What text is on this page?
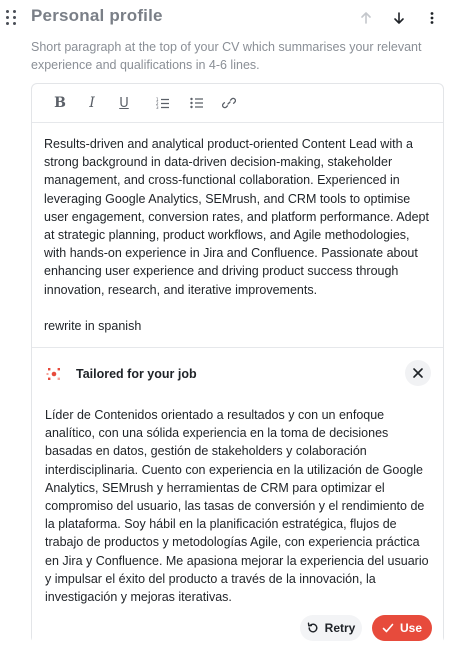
Personal profile
Short paragraph at the top of your CV which summarises your relevant experience and qualifications in 4-6 lines.
B	I	U	1
2
3

Results-driven and analytical product-oriented Content Lead with a strong background in data-driven decision-making, stakeholder management, and cross-functional collaboration. Experienced in leveraging Google Analytics, SEMrush, and CRM tools to optimise user engagement, conversion rates, and platform performance. Adept at strategic planning, product workflows, and Agile methodologies, with hands-on experience in Jira and Confluence. Passionate about enhancing user experience and driving product success through innovation, research, and iterative improvements.

rewrite in spanish

Tailored for your job
Líder de Contenidos orientado a resultados y con un enfoque analítico, con una sólida experiencia en la toma de decisiones basadas en datos, gestión de stakeholders y colaboración interdisciplinaria. Cuento con experiencia en la utilización de Google Analytics, SEMrush y herramientas de CRM para optimizar el compromiso del usuario, las tasas de conversión y el rendimiento de la plataforma. Soy hábil en la planificación estratégica, flujos de trabajo de productos y metodologías Agile, con experiencia práctica en Jira y Confluence. Me apasiona mejorar la experiencia del usuario y impulsar el éxito del producto a través de la innovación, la investigación y mejoras iterativas.
Retry	Use
